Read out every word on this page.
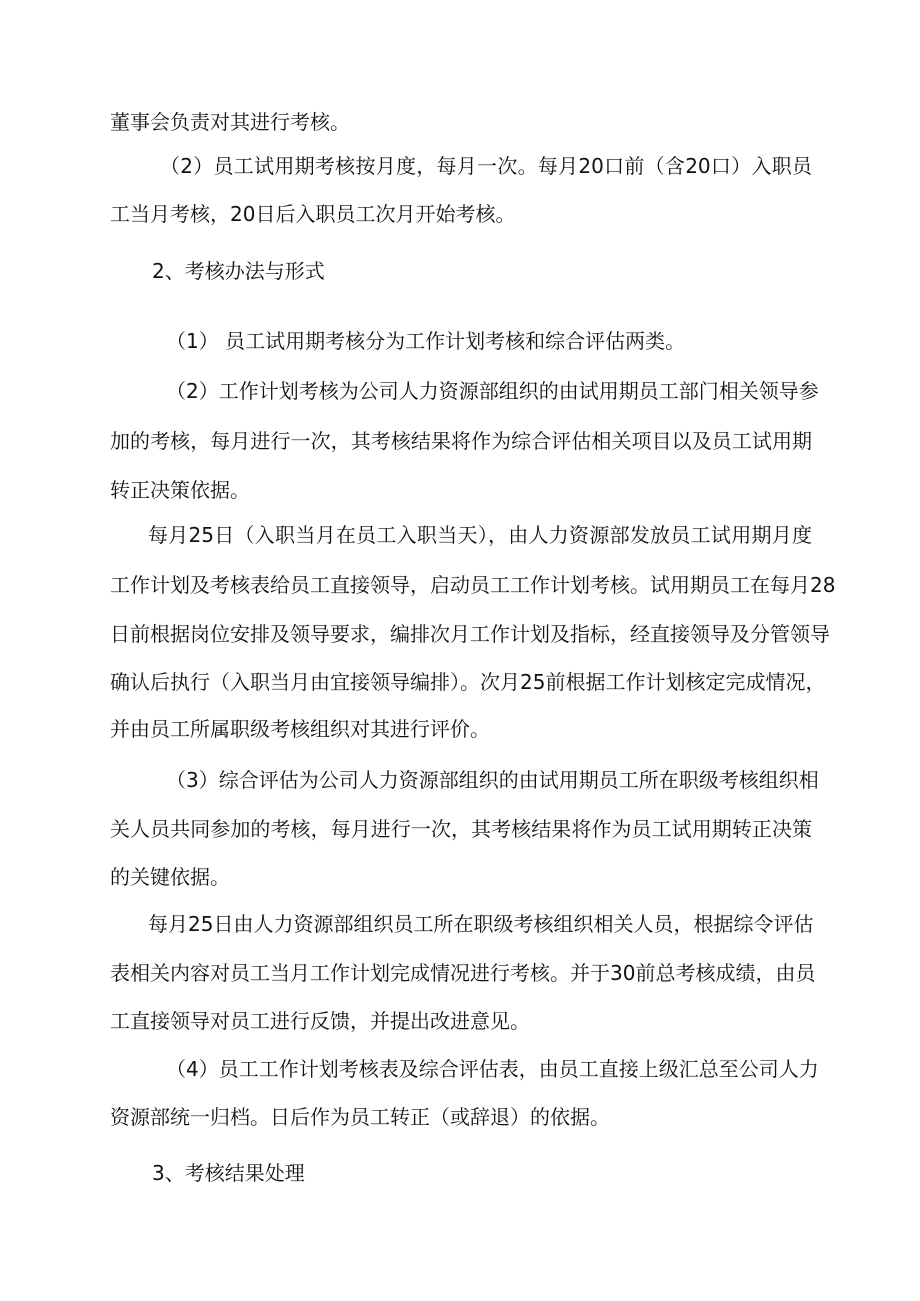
董事会负责对其进行考核。
（2）员工试用期考核按月度，每月一次。每月20口前（含20口）入职员
工当月考核，20日后入职员工次月开始考核。
2、考核办法与形式
（1） 员工试用期考核分为工作计划考核和综合评估两类。
（2）工作计划考核为公司人力资源部组织的由试用期员工部门相关领导参
加的考核，每月进行一次，其考核结果将作为综合评估相关项目以及员工试用期
转正决策依据。
每月25日（入职当月在员工入职当天），由人力资源部发放员工试用期月度
工作计划及考核表给员工直接领导，启动员工工作计划考核。试用期员工在每月28
日前根据岗位安排及领导要求，编排次月工作计划及指标，经直接领导及分管领导
确认后执行（入职当月由宜接领导编排）。次月25前根据工作计划核定完成情况，
并由员工所属职级考核组织对其进行评价。
（3）综合评估为公司人力资源部组织的由试用期员工所在职级考核组织相
关人员共同参加的考核，每月进行一次，其考核结果将作为员工试用期转正决策
的关键依据。
每月25日由人力资源部组织员工所在职级考核组织相关人员，根据综令评估
表相关内容对员工当月工作计划完成情况进行考核。并于30前总考核成绩，由员
工直接领导对员工进行反馈，并提出改进意见。
（4）员工工作计划考核表及综合评估表，由员工直接上级汇总至公司人力
资源部统一归档。日后作为员工转正（或辞退）的依据。
3、考核结果处理
